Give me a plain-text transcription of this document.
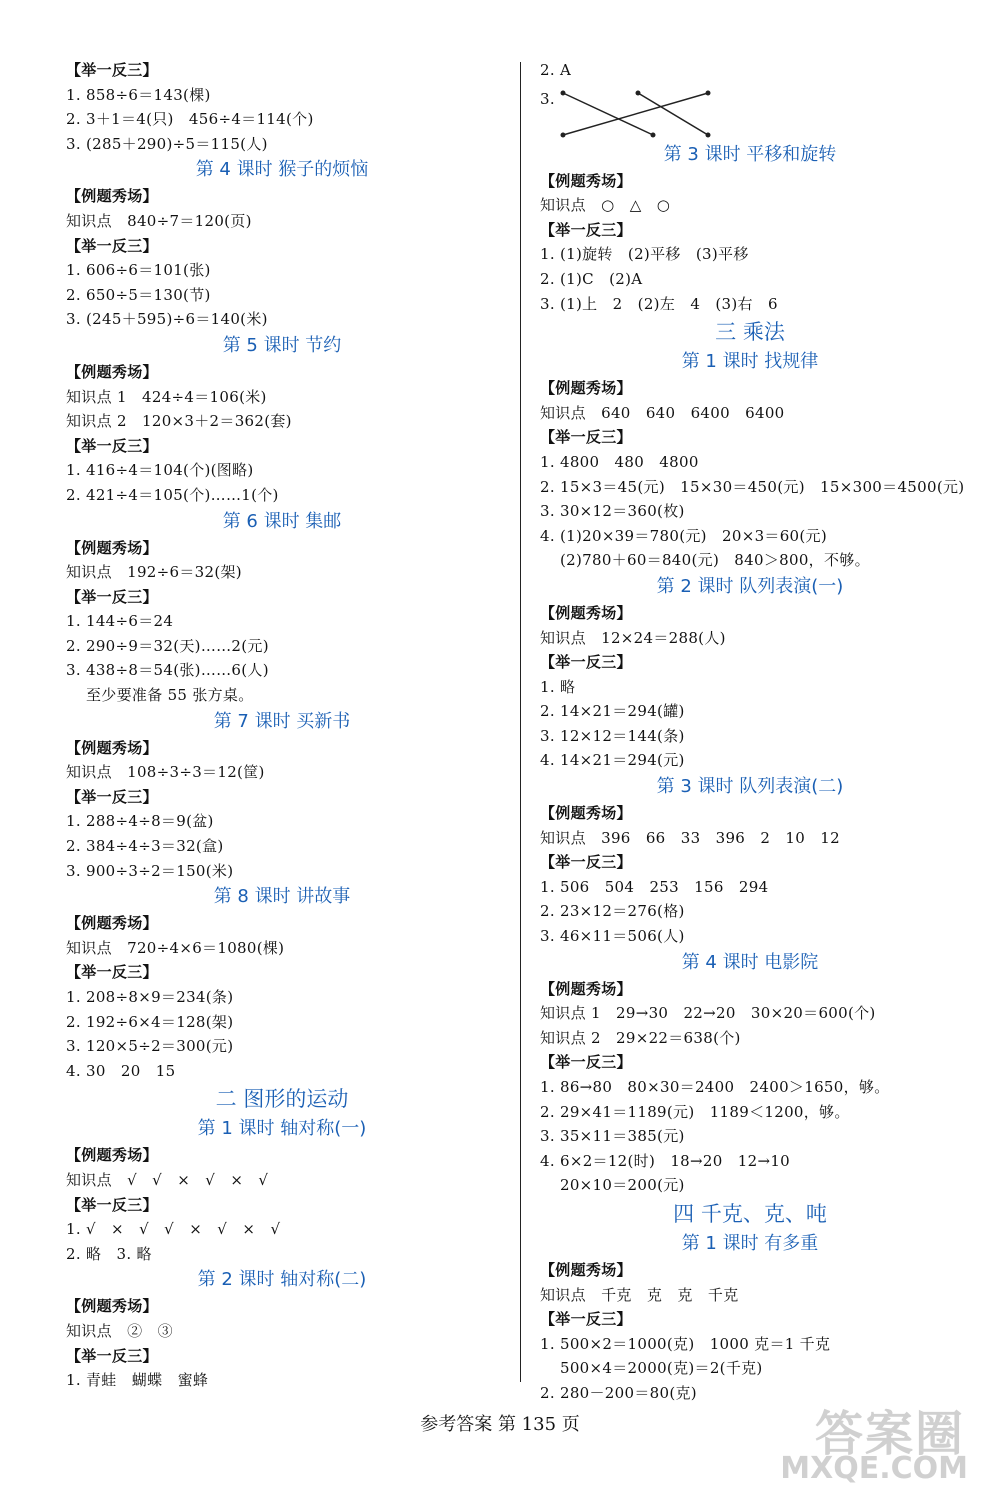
【举一反三】
1. 858÷6＝143(棵)
2. 3＋1＝4(只)   456÷4＝114(个)
3. (285＋290)÷5＝115(人)
第 4 课时 猴子的烦恼
【例题秀场】
知识点   840÷7＝120(页)
【举一反三】
1. 606÷6＝101(张)
2. 650÷5＝130(节)
3. (245＋595)÷6＝140(米)
第 5 课时 节约
【例题秀场】
知识点 1   424÷4＝106(米)
知识点 2   120×3＋2＝362(套)
【举一反三】
1. 416÷4＝104(个)(图略)
2. 421÷4＝105(个)……1(个)
第 6 课时 集邮
【例题秀场】
知识点   192÷6＝32(架)
【举一反三】
1. 144÷6＝24
2. 290÷9＝32(天)……2(元)
3. 438÷8＝54(张)……6(人)
至少要准备 55 张方桌。
第 7 课时 买新书
【例题秀场】
知识点   108÷3÷3＝12(筐)
【举一反三】
1. 288÷4÷8＝9(盆)
2. 384÷4÷3＝32(盒)
3. 900÷3÷2＝150(米)
第 8 课时 讲故事
【例题秀场】
知识点   720÷4×6＝1080(棵)
【举一反三】
1. 208÷8×9＝234(条)
2. 192÷6×4＝128(架)
3. 120×5÷2＝300(元)
4. 30   20   15
二 图形的运动
第 1 课时 轴对称(一)
【例题秀场】
知识点   √   √   ×   √   ×   √
【举一反三】
1. √   ×   √   √   ×   √   ×   √
2. 略   3. 略
第 2 课时 轴对称(二)
【例题秀场】
知识点   ②   ③
【举一反三】
1. 青蛙   蝴蝶   蜜蜂
2. A
3.
第 3 课时 平移和旋转
【例题秀场】
知识点   ○   △   ○
【举一反三】
1. (1)旋转   (2)平移   (3)平移
2. (1)C   (2)A
3. (1)上   2   (2)左   4   (3)右   6
三 乘法
第 1 课时 找规律
【例题秀场】
知识点   640   640   6400   6400
【举一反三】
1. 4800   480   4800
2. 15×3＝45(元)   15×30＝450(元)   15×300＝4500(元)
3. 30×12＝360(枚)
4. (1)20×39＝780(元)   20×3＝60(元)
(2)780＋60＝840(元)   840＞800，不够。
第 2 课时 队列表演(一)
【例题秀场】
知识点   12×24＝288(人)
【举一反三】
1. 略
2. 14×21＝294(罐)
3. 12×12＝144(条)
4. 14×21＝294(元)
第 3 课时 队列表演(二)
【例题秀场】
知识点   396   66   33   396   2   10   12
【举一反三】
1. 506   504   253   156   294
2. 23×12＝276(格)
3. 46×11＝506(人)
第 4 课时 电影院
【例题秀场】
知识点 1   29→30   22→20   30×20＝600(个)
知识点 2   29×22＝638(个)
【举一反三】
1. 86→80   80×30＝2400   2400＞1650，够。
2. 29×41＝1189(元)   1189＜1200，够。
3. 35×11＝385(元)
4. 6×2＝12(时)   18→20   12→10
20×10＝200(元)
四 千克、克、吨
第 1 课时 有多重
【例题秀场】
知识点   千克   克   克   千克
【举一反三】
1. 500×2＝1000(克)   1000 克＝1 千克
500×4＝2000(克)＝2(千克)
2. 280－200＝80(克)
参考答案 第 135 页	答案圈
MXQE.COM
